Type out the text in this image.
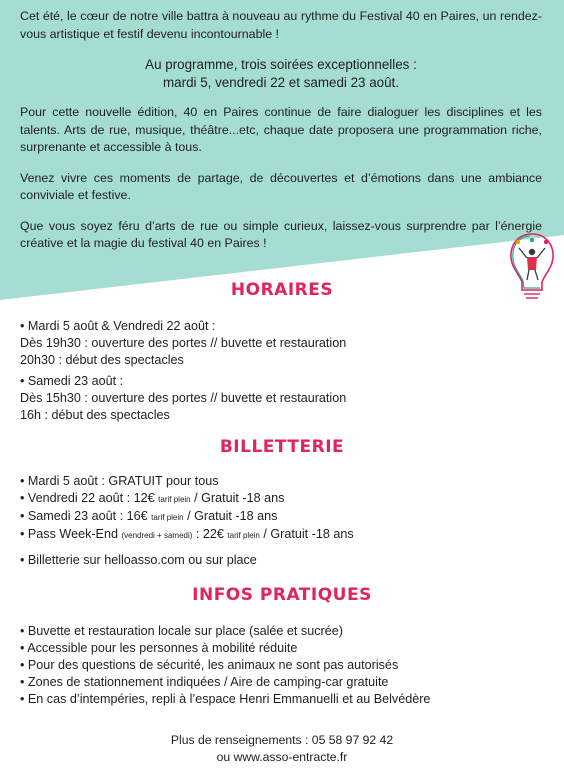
Cet été, le cœur de notre ville battra à nouveau au rythme du Festival 40 en Paires, un rendez-vous artistique et festif devenu incontournable !

Au programme, trois soirées exceptionnelles :
mardi 5, vendredi 22 et samedi 23 août.

Pour cette nouvelle édition, 40 en Paires continue de faire dialoguer les disciplines et les talents. Arts de rue, musique, théâtre...etc, chaque date proposera une programmation riche, surprenante et accessible à tous.

Venez vivre ces moments de partage, de découvertes et d’émotions dans une ambiance conviviale et festive.

Que vous soyez féru d’arts de rue ou simple curieux, laissez-vous surprendre par l’énergie créative et la magie du festival 40 en Paires !

HORAIRES
• Mardi 5 août & Vendredi 22 août :
Dès 19h30 : ouverture des portes // buvette et restauration
20h30 : début des spectacles
• Samedi 23 août :
Dès 15h30 : ouverture des portes // buvette et restauration
16h : début des spectacles
BILLETTERIE
• Mardi 5 août : GRATUIT pour tous
• Vendredi 22 août : 12€ tarif plein / Gratuit -18 ans
• Samedi 23 août : 16€ tarif plein / Gratuit -18 ans
• Pass Week-End (vendredi + samedi) : 22€ tarif plein / Gratuit -18 ans
• Billetterie sur helloasso.com ou sur place
INFOS PRATIQUES
• Buvette et restauration locale sur place (salée et sucrée)
• Accessible pour les personnes à mobilité réduite
• Pour des questions de sécurité, les animaux ne sont pas autorisés
• Zones de stationnement indiquées / Aire de camping-car gratuite
• En cas d’intempéries, repli à l’espace Henri Emmanuelli et au Belvédère
Plus de renseignements : 05 58 97 92 42
ou www.asso-entracte.fr
